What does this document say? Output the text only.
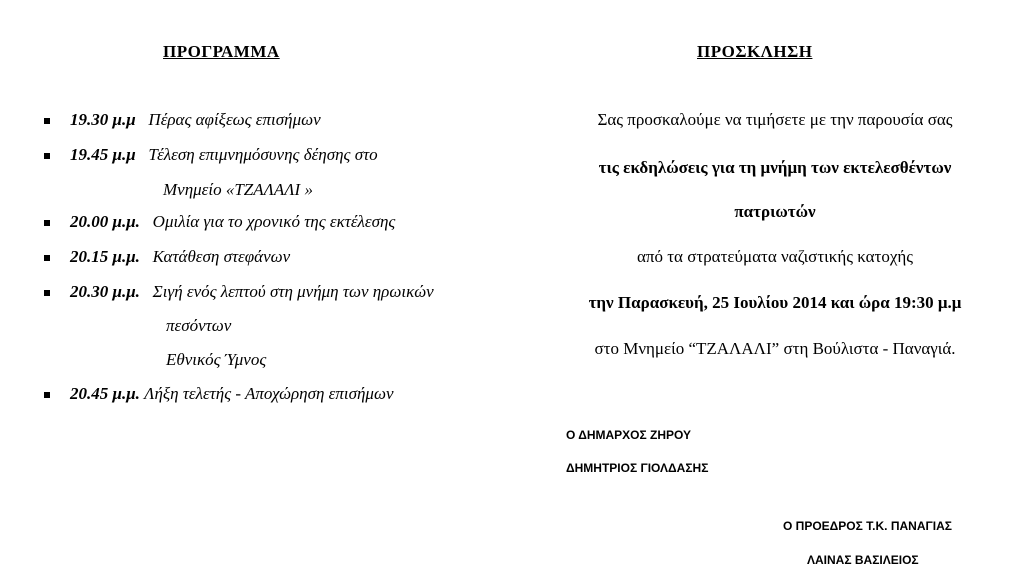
ΠΡΟΓΡΑΜΜΑ
19.30 μ.μ Πέρας αφίξεως επισήμων
19.45 μ.μ Τέλεση επιμνημόσυνης δέησης στο
Μνημείο «ΤΖΑΛΑΛΙ »
20.00 μ.μ. Ομιλία για το χρονικό της εκτέλεσης
20.15 μ.μ. Κατάθεση στεφάνων
20.30 μ.μ. Σιγή ενός λεπτού στη μνήμη των ηρωικών
πεσόντων
Εθνικός Ύμνος
20.45 μ.μ. Λήξη τελετής - Αποχώρηση επισήμων
ΠΡΟΣΚΛΗΣΗ
Σας προσκαλούμε να τιμήσετε με την παρουσία σας
τις εκδηλώσεις για τη μνήμη των εκτελεσθέντων
πατριωτών
από τα στρατεύματα ναζιστικής κατοχής
την Παρασκευή, 25 Ιουλίου 2014 και ώρα 19:30 μ.μ
στο Μνημείο “ΤΖΑΛΑΛΙ” στη Βούλιστα - Παναγιά.
Ο ΔΗΜΑΡΧΟΣ ΖΗΡΟΥ
ΔΗΜΗΤΡΙΟΣ ΓΙΟΛΔΑΣΗΣ
Ο ΠΡΟΕΔΡΟΣ Τ.Κ. ΠΑΝΑΓΙΑΣ
ΛΑΙΝΑΣ ΒΑΣΙΛΕΙΟΣ
